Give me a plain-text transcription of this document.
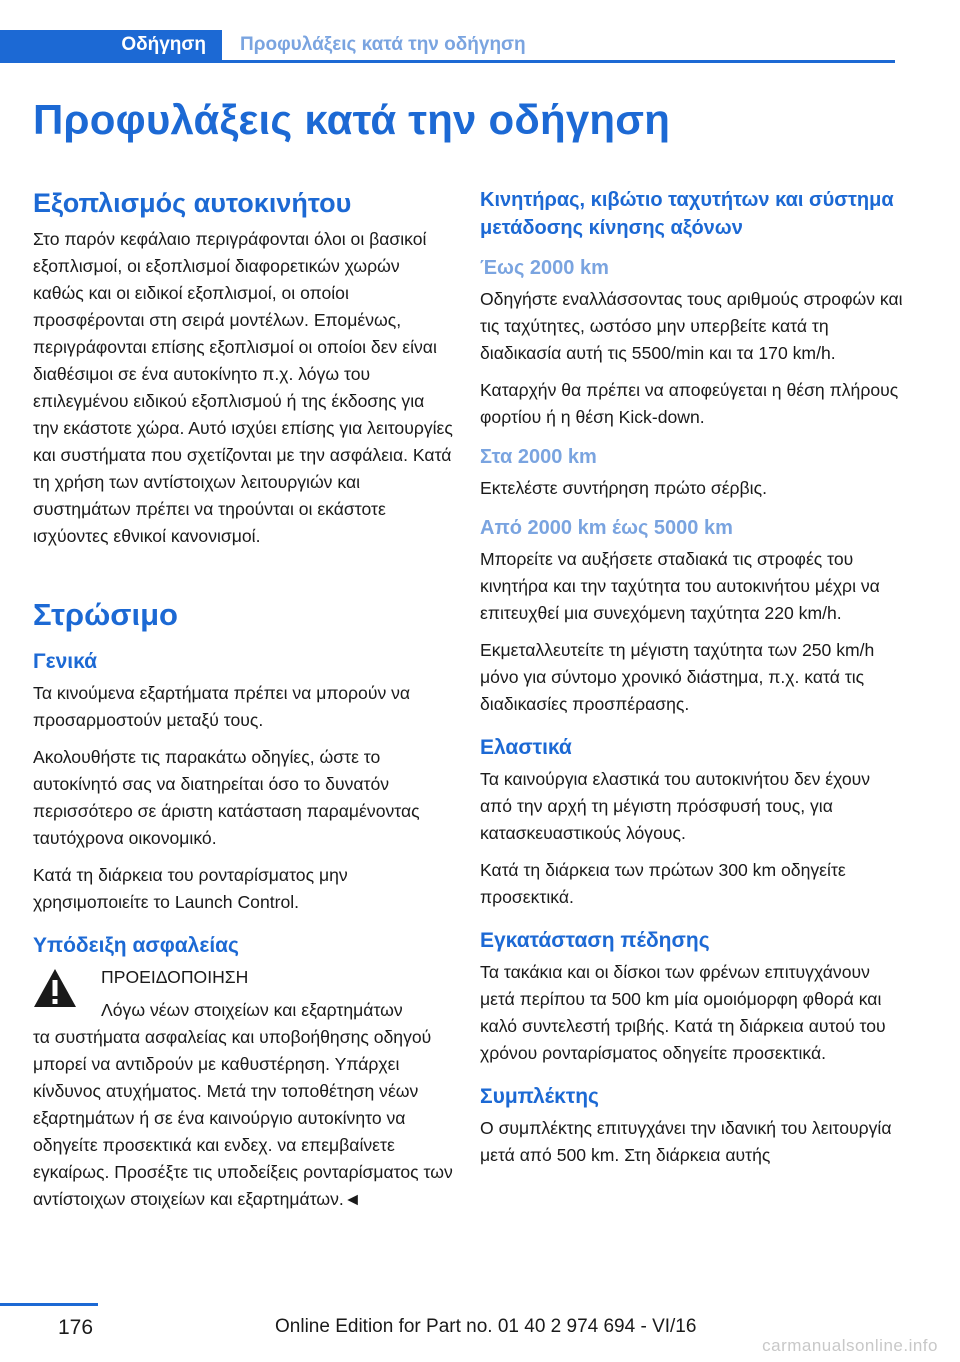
Οδήγηση	Προφυλάξεις κατά την οδήγηση
Προφυλάξεις κατά την οδήγηση
Εξοπλισμός αυτοκινήτου

Στο παρόν κεφάλαιο περιγράφονται όλοι οι βασικοί εξοπλισμοί, οι εξοπλισμοί διαφορετικών χωρών καθώς και οι ειδικοί εξοπλισμοί, οι οποίοι προσφέρονται στη σειρά μοντέλων. Επομένως, περιγράφονται επίσης εξοπλισμοί οι οποίοι δεν είναι διαθέσιμοι σε ένα αυτοκίνητο π.χ. λόγω του επιλεγμένου ειδικού εξοπλισμού ή της έκδοσης για την εκάστοτε χώρα. Αυτό ισχύει επίσης για λειτουργίες και συστήματα που σχετίζονται με την ασφάλεια. Κατά τη χρήση των αντίστοιχων λειτουργιών και συστημάτων πρέπει να τηρούνται οι εκάστοτε ισχύοντες εθνικοί κανονισμοί.

Στρώσιμο
Γενικά

Τα κινούμενα εξαρτήματα πρέπει να μπορούν να προσαρμοστούν μεταξύ τους.

Ακολουθήστε τις παρακάτω οδηγίες, ώστε το αυτοκίνητό σας να διατηρείται όσο το δυνατόν περισσότερο σε άριστη κατάσταση παραμένοντας ταυτόχρονα οικονομικό.

Κατά τη διάρκεια του ρονταρίσματος μην χρησιμοποιείτε το Launch Control.

Υπόδειξη ασφαλείας

ΠΡΟΕΙΔΟΠΟΙΗΣΗ

Λόγω νέων στοιχείων και εξαρτημάτων

τα συστήματα ασφαλείας και υποβοήθησης οδηγού μπορεί να αντιδρούν με καθυστέρηση. Υπάρχει κίνδυνος ατυχήματος. Μετά την τοποθέτηση νέων εξαρτημάτων ή σε ένα καινούργιο αυτοκίνητο να οδηγείτε προσεκτικά και ενδεχ. να επεμβαίνετε εγκαίρως. Προσέξτε τις υποδείξεις ρονταρίσματος των αντίστοιχων στοιχείων και εξαρτημάτων.◄

Κινητήρας, κιβώτιο ταχυτήτων και σύστημα μετάδοσης κίνησης αξόνων
Έως 2000 km

Οδηγήστε εναλλάσσοντας τους αριθμούς στροφών και τις ταχύτητες, ωστόσο μην υπερβείτε κατά τη διαδικασία αυτή τις 5500/min και τα 170 km/h.

Καταρχήν θα πρέπει να αποφεύγεται η θέση πλήρους φορτίου ή η θέση Kick-down.

Στα 2000 km

Εκτελέστε συντήρηση πρώτο σέρβις.

Από 2000 km έως 5000 km

Μπορείτε να αυξήσετε σταδιακά τις στροφές του κινητήρα και την ταχύτητα του αυτοκινήτου μέχρι να επιτευχθεί μια συνεχόμενη ταχύτητα 220 km/h.

Εκμεταλλευτείτε τη μέγιστη ταχύτητα των 250 km/h μόνο για σύντομο χρονικό διάστημα, π.χ. κατά τις διαδικασίες προσπέρασης.

Ελαστικά

Τα καινούργια ελαστικά του αυτοκινήτου δεν έχουν από την αρχή τη μέγιστη πρόσφυσή τους, για κατασκευαστικούς λόγους.

Κατά τη διάρκεια των πρώτων 300 km οδηγείτε προσεκτικά.

Εγκατάσταση πέδησης

Τα τακάκια και οι δίσκοι των φρένων επιτυγχάνουν μετά περίπου τα 500 km μία ομοιόμορφη φθορά και καλό συντελεστή τριβής. Κατά τη διάρκεια αυτού του χρόνου ρονταρίσματος οδηγείτε προσεκτικά.

Συμπλέκτης

Ο συμπλέκτης επιτυγχάνει την ιδανική του λειτουργία μετά από 500 km. Στη διάρκεια αυτής

176	Online Edition for Part no. 01 40 2 974 694 - VI/16
carmanualsonline.info
